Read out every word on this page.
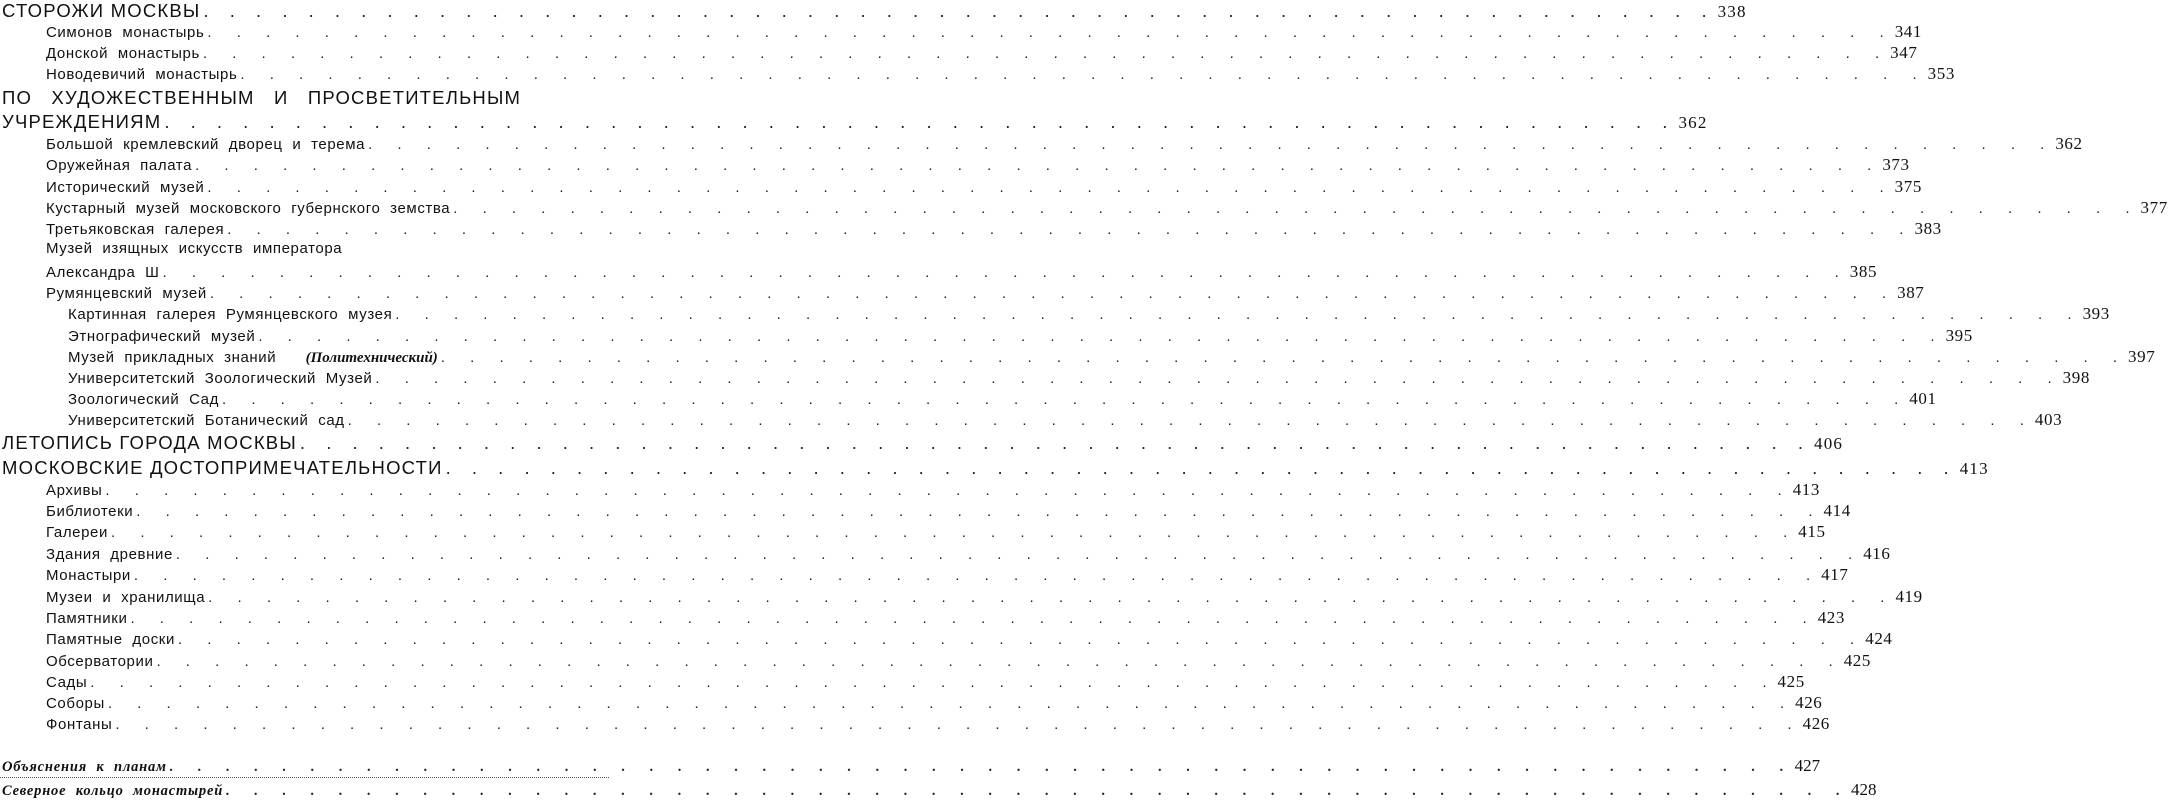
СТОРОЖИ МОСКВЫ . . . . . . . . . . . . . . . . . . . . . . . . . . . . . . . . . . . . . . . . . . . . . . . . . . . . . . . . . . 338
Симонов монастырь . . . . . . . . . . . . . . . . . . . . . . . . . . . . . . . . . . . . . . . . . . . . . . . . . . . . . . . . . . 341
Донской монастырь . . . . . . . . . . . . . . . . . . . . . . . . . . . . . . . . . . . . . . . . . . . . . . . . . . . . . . . . . . 347
Новодевичий монастырь . . . . . . . . . . . . . . . . . . . . . . . . . . . . . . . . . . . . . . . . . . . . . . . . . . . . . . . . . . 353
ПО ХУДОЖЕСТВЕННЫМ И ПРОСВЕТИТЕЛЬНЫМ
УЧРЕЖДЕНИЯМ . . . . . . . . . . . . . . . . . . . . . . . . . . . . . . . . . . . . . . . . . . . . . . . . . . . . . . . . . . 362
Большой кремлевский дворец и терема . . . . . . . . . . . . . . . . . . . . . . . . . . . . . . . . . . . . . . . . . . . . . . . . . . . . . . . . . . 362
Оружейная палата . . . . . . . . . . . . . . . . . . . . . . . . . . . . . . . . . . . . . . . . . . . . . . . . . . . . . . . . . . 373
Исторический музей . . . . . . . . . . . . . . . . . . . . . . . . . . . . . . . . . . . . . . . . . . . . . . . . . . . . . . . . . . 375
Кустарный музей московского губернского земства . . . . . . . . . . . . . . . . . . . . . . . . . . . . . . . . . . . . . . . . . . . . . . . . . . . . . . . . . . 377
Третьяковская галерея . . . . . . . . . . . . . . . . . . . . . . . . . . . . . . . . . . . . . . . . . . . . . . . . . . . . . . . . . . 383
Музей изящных искусств императора
Александра Ш . . . . . . . . . . . . . . . . . . . . . . . . . . . . . . . . . . . . . . . . . . . . . . . . . . . . . . . . . . 385
Румянцевский музей . . . . . . . . . . . . . . . . . . . . . . . . . . . . . . . . . . . . . . . . . . . . . . . . . . . . . . . . . . 387
Картинная галерея Румянцевского музея . . . . . . . . . . . . . . . . . . . . . . . . . . . . . . . . . . . . . . . . . . . . . . . . . . . . . . . . . . 393
Этнографический музей . . . . . . . . . . . . . . . . . . . . . . . . . . . . . . . . . . . . . . . . . . . . . . . . . . . . . . . . . . 395
Музей прикладных знаний
(Политехнический) . . . . . . . . . . . . . . . . . . . . . . . . . . . . . . . . . . . . . . . . . . . . . . . . . . . . . . . . . . 397
Университетский Зоологический Музей . . . . . . . . . . . . . . . . . . . . . . . . . . . . . . . . . . . . . . . . . . . . . . . . . . . . . . . . . . 398
Зоологический Сад . . . . . . . . . . . . . . . . . . . . . . . . . . . . . . . . . . . . . . . . . . . . . . . . . . . . . . . . . . 401
Университетский Ботанический сад . . . . . . . . . . . . . . . . . . . . . . . . . . . . . . . . . . . . . . . . . . . . . . . . . . . . . . . . . . 403
ЛЕТОПИСЬ ГОРОДА МОСКВЫ . . . . . . . . . . . . . . . . . . . . . . . . . . . . . . . . . . . . . . . . . . . . . . . . . . . . . . . . . . 406
МОСКОВСКИЕ ДОСТОПРИМЕЧАТЕЛЬНОСТИ . . . . . . . . . . . . . . . . . . . . . . . . . . . . . . . . . . . . . . . . . . . . . . . . . . . . . . . . . . 413
Архивы . . . . . . . . . . . . . . . . . . . . . . . . . . . . . . . . . . . . . . . . . . . . . . . . . . . . . . . . . . 413
Библиотеки . . . . . . . . . . . . . . . . . . . . . . . . . . . . . . . . . . . . . . . . . . . . . . . . . . . . . . . . . . 414
Галереи . . . . . . . . . . . . . . . . . . . . . . . . . . . . . . . . . . . . . . . . . . . . . . . . . . . . . . . . . . 415
Здания древние . . . . . . . . . . . . . . . . . . . . . . . . . . . . . . . . . . . . . . . . . . . . . . . . . . . . . . . . . . 416
Монастыри . . . . . . . . . . . . . . . . . . . . . . . . . . . . . . . . . . . . . . . . . . . . . . . . . . . . . . . . . . 417
Музеи и хранилища . . . . . . . . . . . . . . . . . . . . . . . . . . . . . . . . . . . . . . . . . . . . . . . . . . . . . . . . . . 419
Памятники . . . . . . . . . . . . . . . . . . . . . . . . . . . . . . . . . . . . . . . . . . . . . . . . . . . . . . . . . . 423
Памятные доски . . . . . . . . . . . . . . . . . . . . . . . . . . . . . . . . . . . . . . . . . . . . . . . . . . . . . . . . . . 424
Обсерватории . . . . . . . . . . . . . . . . . . . . . . . . . . . . . . . . . . . . . . . . . . . . . . . . . . . . . . . . . . 425
Сады . . . . . . . . . . . . . . . . . . . . . . . . . . . . . . . . . . . . . . . . . . . . . . . . . . . . . . . . . . 425
Соборы . . . . . . . . . . . . . . . . . . . . . . . . . . . . . . . . . . . . . . . . . . . . . . . . . . . . . . . . . . 426
Фонтаны . . . . . . . . . . . . . . . . . . . . . . . . . . . . . . . . . . . . . . . . . . . . . . . . . . . . . . . . . . 426
Объяснения к планам . . . . . . . . . . . . . . . . . . . . . . . . . . . . . . . . . . . . . . . . . . . . . . . . . . . . . . . . . . 427
Северное кольцо монастырей . . . . . . . . . . . . . . . . . . . . . . . . . . . . . . . . . . . . . . . . . . . . . . . . . . . . . . . . . . 428
